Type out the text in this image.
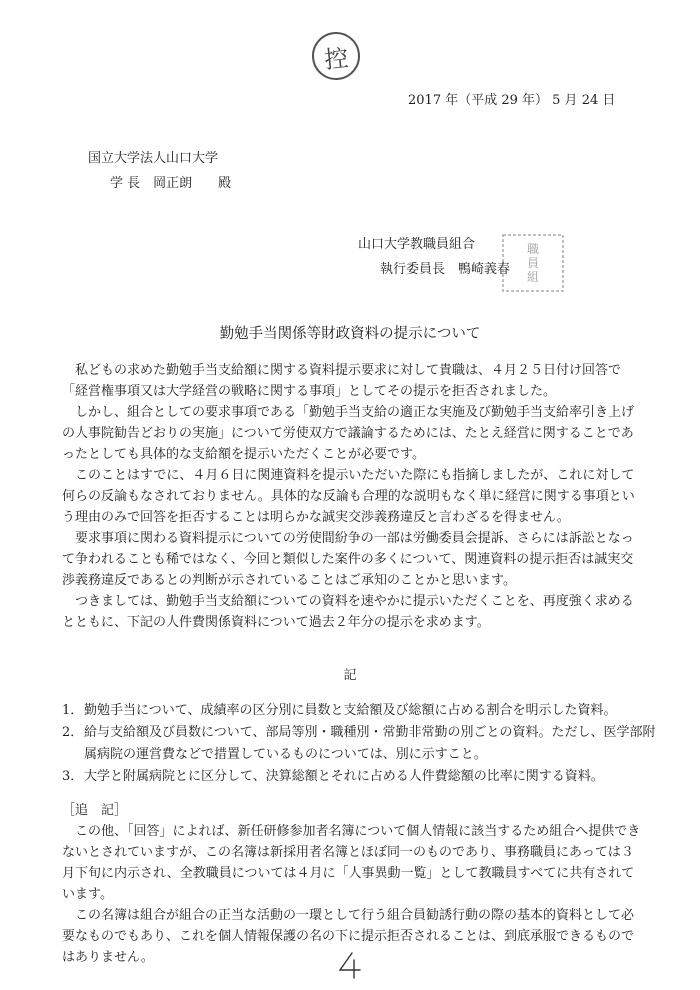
控
2017 年（平成 29 年） 5 月 24 日
国立大学法人山口大学
学 長　岡正朗　　殿
山口大学教職員組合
執行委員長　鴨崎義春
職
員
組
勤勉手当関係等財政資料の提示について

私どもの求めた勤勉手当支給額に関する資料提示要求に対して貴職は、４月２５日付け回答で「経営権事項又は大学経営の戦略に関する事項」としてその提示を拒否されました。

しかし、組合としての要求事項である「勤勉手当支給の適正な実施及び勤勉手当支給率引き上げの人事院勧告どおりの実施」について労使双方で議論するためには、たとえ経営に関することであったとしても具体的な支給額を提示いただくことが必要です。

このことはすでに、４月６日に関連資料を提示いただいた際にも指摘しましたが、これに対して何らの反論もなされておりません。具体的な反論も合理的な説明もなく単に経営に関する事項という理由のみで回答を拒否することは明らかな誠実交渉義務違反と言わざるを得ません。

要求事項に関わる資料提示についての労使間紛争の一部は労働委員会提訴、さらには訴訟となって争われることも稀ではなく、今回と類似した案件の多くについて、関連資料の提示拒否は誠実交渉義務違反であるとの判断が示されていることはご承知のことかと思います。

つきましては、勤勉手当支給額についての資料を速やかに提示いただくことを、再度強く求めるとともに、下記の人件費関係資料について過去２年分の提示を求めます。

記
1． 勤勉手当について、成績率の区分別に員数と支給額及び総額に占める割合を明示した資料。
2． 給与支給額及び員数について、部局等別・職種別・常勤非常勤の別ごとの資料。ただし、医学部附属病院の運営費などで措置しているものについては、別に示すこと。
3． 大学と附属病院とに区分して、決算総額とそれに占める人件費総額の比率に関する資料。
［追　記］

この他、「回答」によれば、新任研修参加者名簿について個人情報に該当するため組合へ提供できないとされていますが、この名簿は新採用者名簿とほぼ同一のものであり、事務職員にあっては３月下旬に内示され、全教職員については４月に「人事異動一覧」として教職員すべてに共有されています。

この名簿は組合が組合の正当な活動の一環として行う組合員勧誘行動の際の基本的資料として必要なものでもあり、これを個人情報保護の名の下に提示拒否されることは、到底承服できるものではありません。
